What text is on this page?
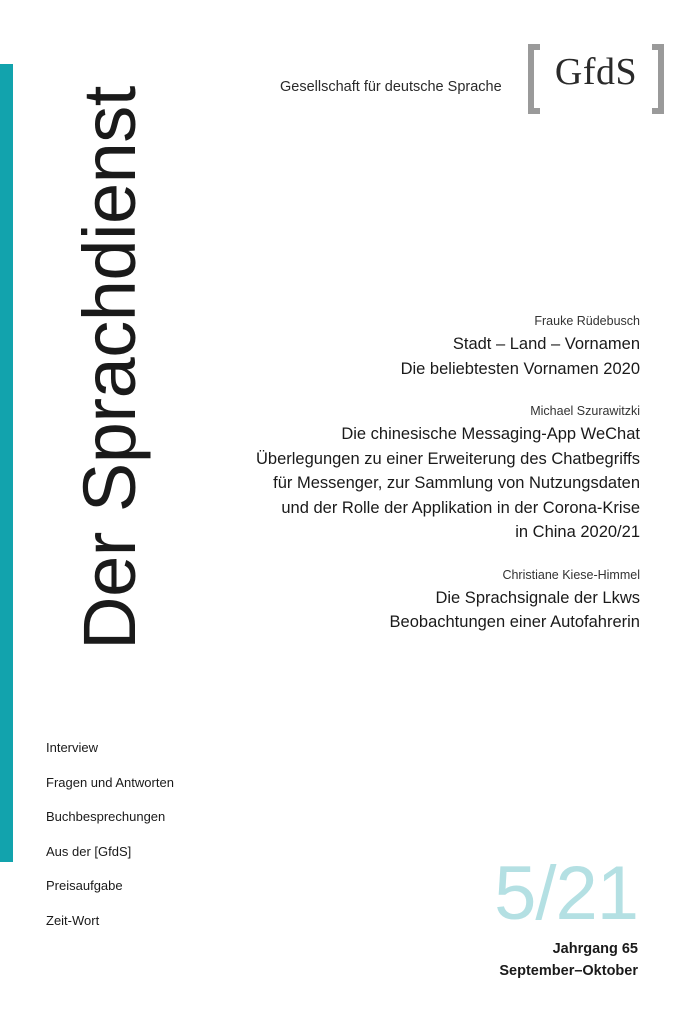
Der Sprachdienst	Gesellschaft für deutsche Sprache GfdS
Frauke Rüdebusch
Stadt – Land – Vornamen
Die beliebtesten Vornamen 2020
Michael Szurawitzki
Die chinesische Messaging-App WeChat
Überlegungen zu einer Erweiterung des Chatbegriffs
für Messenger, zur Sammlung von Nutzungsdaten
und der Rolle der Applikation in der Corona-Krise
in China 2020/21
Christiane Kiese-Himmel
Die Sprachsignale der Lkws
Beobachtungen einer Autofahrerin
Interview
Fragen und Antworten
Buchbesprechungen
Aus der [GfdS]
Preisaufgabe
Zeit-Wort	5/21
Jahrgang 65
September–Oktober
